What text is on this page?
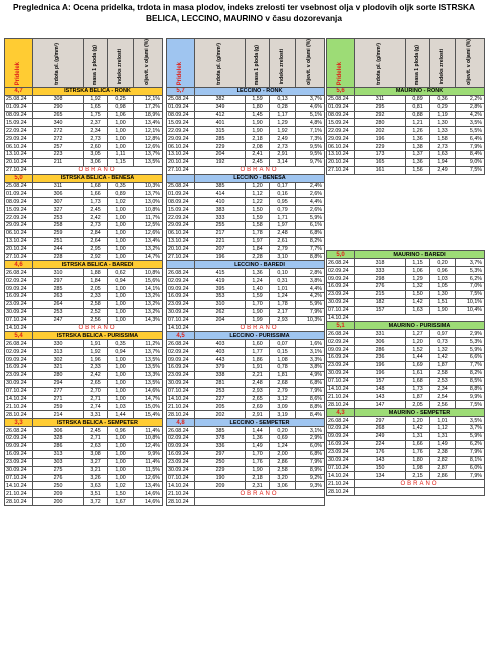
Preglednica A: Ocena pridelka, trdota in masa plodov, indeks zrelosti ter vsebnost olja v plodovih oljk sorte ISTRSKA BELICA, LECCINO, MAURINO v času dozorevanja
Pridelek	trdota pl. (g/mm²)	masa 1 ploda (g)	indeks zrelosti	oljevit. v oljami (%)

4,7	ISTRSKA BELICA - RONK			
25.08.24	308	1,92	0,25	12,1%
01.09.24	290	1,65	0,98	17,2%
08.09.24	265	1,75	1,06	18,9%
15.09.24	340	2,37	1,00	13,4%
22.09.24	272	2,34	1,00	12,1%
29.09.24	272	2,73	1,00	12,8%
06.10.24	257	2,60	1,00	12,6%
13.10.24	223	3,05	1,11	13,7%
20.10.24	211	3,06	1,15	13,5%
27.10.24	OBRANO			
5,0	ISTRSKA BELICA - BENEŠA			
25.08.24	311	1,68	0,35	10,3%
01.09.24	306	1,66	0,89	13,7%
08.09.24	307	1,73	1,02	13,0%
15.09.24	327	2,45	1,00	10,8%
22.09.24	253	2,42	1,00	11,7%
29.09.24	258	2,73	1,00	12,5%
06.10.24	259	2,84	1,00	12,6%
13.10.24	251	2,64	1,00	13,4%
20.10.24	244	2,95	1,00	13,2%
27.10.24	228	2,92	1,00	14,7%
4,6	ISTRSKA BELICA - BAREDI			
26.08.24	310	1,88	0,62	10,8%
02.09.24	297	1,84	0,94	15,6%
09.09.24	285	2,05	1,00	14,1%
16.09.24	263	2,33	1,00	13,2%
23.09.24	264	2,58	1,00	13,2%
30.09.24	253	2,52	1,00	13,2%
07.10.24	247	2,56	1,00	14,3%
14.10.24	OBRANO			
5,4	ISTRSKA BELICA - PURISSIMA			
26.08.24	330	1,91	0,35	11,2%
02.09.24	313	1,92	0,94	13,7%
09.09.24	302	1,96	1,00	13,5%
16.09.24	321	2,33	1,00	13,5%
23.09.24	280	2,42	1,00	13,3%
30.09.24	294	2,65	1,00	13,5%
07.10.24	277	2,70	1,00	14,6%
14.10.24	271	2,71	1,00	14,7%
21.10.24	259	2,74	1,03	15,0%
28.10.24	214	3,31	1,44	15,4%
3,3	ISTRSKA BELICA - SEMPETER			
26.08.24	306	2,45	0,96	11,4%
02.09.24	328	2,71	1,00	10,8%
09.09.24	286	2,63	1,00	12,4%
16.09.24	313	3,08	1,00	9,9%
23.09.24	303	3,27	1,00	11,4%
30.09.24	275	3,21	1,00	11,5%
07.10.24	276	3,26	1,00	12,6%
14.10.24	250	3,63	1,02	13,4%
21.10.24	209	3,51	1,50	14,6%
28.10.24	200	3,72	1,67	14,6%
Pridelek	trdota pl. (g/mm²)	masa 1 ploda (g)	indeks zrelosti	oljevit. v oljami (%)

5,7	LECCINO - RONK			
25.08.24	382	1,59	0,13	3,7%
01.09.24	349	1,80	0,28	4,6%
08.09.24	412	1,45	1,17	5,1%
15.09.24	401	1,90	1,29	4,8%
22.09.24	315	1,90	1,92	7,1%
29.09.24	285	2,18	2,49	7,3%
06.10.24	229	2,08	2,73	9,5%
13.10.24	204	2,41	2,91	9,5%
20.10.24	192	2,45	3,14	9,7%
27.10.24	OBRANO			
	LECCINO - BENEŠA			
25.08.24	385	1,20	0,17	2,4%
01.09.24	414	1,12	0,16	2,6%
08.09.24	410	1,22	0,95	4,4%
15.09.24	383	1,50	0,79	2,6%
22.09.24	333	1,59	1,71	5,9%
29.09.24	255	1,58	1,97	6,1%
06.10.24	217	1,78	2,48	6,8%
13.10.24	221	1,97	2,61	8,2%
20.10.24	207	1,84	2,79	7,7%
27.10.24	196	2,28	3,10	8,8%
	LECCINO - BAREDI			
26.08.24	415	1,36	0,10	2,8%
02.09.24	419	1,24	0,31	3,8%
09.09.24	395	1,40	1,01	4,4%
16.09.24	353	1,59	1,24	4,2%
23.09.24	310	1,70	1,78	5,9%
30.09.24	262	1,90	2,17	7,9%
07.10.24	204	1,99	2,93	10,3%
14.10.24	OBRANO			
4,5	LECCINO - PURISSIMA			
26.08.24	403	1,60	0,07	1,6%
02.09.24	403	1,77	0,15	3,1%
09.09.24	443	1,86	1,08	3,3%
16.09.24	379	1,91	0,78	3,8%
23.09.24	338	2,21	1,81	4,9%
30.09.24	281	2,48	2,68	6,8%
07.10.24	253	2,93	2,79	7,9%
14.10.24	227	2,65	3,12	8,6%
21.10.24	205	2,69	3,09	8,8%
28.10.24	202	2,91	3,19	8,4%
4,8	LECCINO - SEMPETER			
26.08.24	385	1,44	0,20	3,1%
02.09.24	378	1,36	0,69	2,9%
09.09.24	336	1,49	1,24	6,0%
16.09.24	297	1,70	2,00	6,8%
23.09.24	250	1,76	2,86	7,9%
30.09.24	229	1,90	2,58	8,9%
07.10.24	190	2,18	3,20	9,2%
14.10.24	209	2,31	3,06	9,3%
21.10.24	OBRANO			
28.10.24				
Pridelek	trdota pl. (g/mm²)	masa 1 ploda (g)	indeks zrelosti	oljevit. v oljami (%)

5,6	MAURINO - RONK			
25.08.24	311	0,89	0,36	2,2%
01.09.24	295	0,81	0,29	2,8%
08.09.24	292	0,88	1,19	4,2%
15.09.24	280	1,21	1,30	3,5%
22.09.24	202	1,26	1,33	5,5%
29.09.24	196	1,36	1,58	6,4%
06.10.24	229	1,38	2,73	7,9%
13.10.24	173	1,37	1,63	8,4%
20.10.24	165	1,36	1,94	9,0%
27.10.24	161	1,56	2,49	7,5%

5,0	MAURINO - BAREDI			
26.08.24	318	1,15	0,20	3,7%
02.09.24	333	1,06	0,96	5,3%
09.09.24	298	1,29	1,03	6,2%
16.09.24	276	1,32	1,05	7,0%
23.09.24	215	1,50	1,30	7,5%
30.09.24	182	1,42	1,51	10,1%
07.10.24	157	1,63	1,90	10,4%
14.10.24				
5,1	MAURINO - PURISSIMA			
26.08.24	331	1,27	0,97	2,9%
02.09.24	306	1,20	0,73	5,3%
09.09.24	286	1,52	1,32	5,9%
16.09.24	236	1,44	1,42	6,6%
23.09.24	196	1,69	1,87	7,7%
30.09.24	196	1,61	2,58	8,2%
07.10.24	157	1,68	2,53	8,5%
14.10.24	148	1,73	2,34	8,8%
21.10.24	143	1,87	2,54	9,9%
28.10.24	147	2,05	2,56	7,5%
4,3	MAURINO - SEMPETER			
26.08.24	297	1,20	1,01	3,5%
02.09.24	268	1,42	1,12	3,7%
09.09.24	249	1,31	1,31	5,9%
16.09.24	224	1,66	1,49	6,2%
23.09.24	176	1,76	2,38	7,9%
30.09.24	143	1,80	2,82	8,1%
07.10.24	150	1,98	2,87	6,0%
14.10.24	134	2,15	2,86	7,9%
21.10.24	OBRANO			
28.10.24				
